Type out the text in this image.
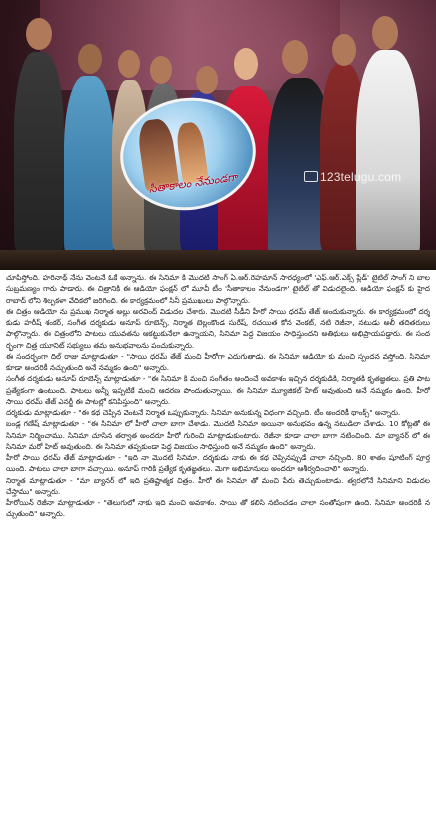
సీతాకాలం నేనుండగా	123telugu.com

చూపిస్తోంది. హరినాథ్ నేను వెంటనే ఓకే అన్నాను. ఈ సినిమా కి మొదటి సాంగ్ ఏ.ఆర్.రెహమాన్ సారధ్యంలో 'ఎఫ్.ఆర్.ఎక్స్ ప్లేడ్' టైటిల్ సాంగ్ ని బాలసుబ్రమణ్యం గారు పాడారు. ఈ చిత్రానికి ఈ ఆడియో ఫంక్షన్ లో మూవీ టీం 'సీతాకాలం నేనుండగా' టైటిల్ తో విడుదలైంది. ఆడియో ఫంక్షన్ కు హైదరాబాద్ లోని శిల్పకళా వేదికలో జరిగింది. ఈ కార్యక్రమంలో సినీ ప్రముఖులు పాల్గొన్నారు.

ఈ చిత్రం ఆడియో ను ప్రముఖ నిర్మాత అల్లు అరవింద్ విడుదల చేశారు. మొదటి సీడీని హీరో సాయి ధరమ్ తేజ్ అందుకున్నారు. ఈ కార్యక్రమంలో దర్శకుడు హరీష్ శంకర్, సంగీత దర్శకుడు అనూప్ రూబెన్స్, నిర్మాత బెల్లంకొండ సురేష్, రచయిత కోన వెంకట్, నటి రెజీనా, నటుడు అలీ తదితరులు పాల్గొన్నారు. ఈ చిత్రంలోని పాటలు యువతను ఆకట్టుకునేలా ఉన్నాయని, సినిమా పెద్ద విజయం సాధిస్తుందని అతిథులు అభిప్రాయపడ్డారు. ఈ సందర్భంగా చిత్ర యూనిట్ సభ్యులు తమ అనుభవాలను పంచుకున్నారు.

ఈ సందర్భంగా దిల్ రాజు మాట్లాడుతూ - "సాయి ధరమ్ తేజ్ మంచి హీరోగా ఎదుగుతాడు. ఈ సినిమా ఆడియో కు మంచి స్పందన వస్తోంది. సినిమా కూడా అందరికీ నచ్చుతుంది అనే నమ్మకం ఉంది" అన్నారు.

సంగీత దర్శకుడు అనూప్ రూబెన్స్ మాట్లాడుతూ - "ఈ సినిమా కి మంచి సంగీతం అందించే అవకాశం ఇచ్చిన దర్శకుడికి, నిర్మాతకి కృతజ్ఞతలు. ప్రతి పాట ప్రత్యేకంగా ఉంటుంది. పాటలు అన్నీ ఇప్పటికే మంచి ఆదరణ పొందుతున్నాయి. ఈ సినిమా మ్యూజికల్ హిట్ అవుతుంది అనే నమ్మకం ఉంది. హీరో సాయి ధరమ్ తేజ్ ఎనర్జీ ఈ పాటల్లో కనిపిస్తుంది" అన్నారు.

దర్శకుడు మాట్లాడుతూ - "ఈ కథ చెప్పిన వెంటనే నిర్మాత ఒప్పుకున్నారు. సినిమా అనుకున్న విధంగా వచ్చింది. టీం అందరికీ థాంక్స్" అన్నారు.

బండ్ల గణేష్ మాట్లాడుతూ - "ఈ సినిమా లో హీరో చాలా బాగా చేశాడు. మొదటి సినిమా అయినా అనుభవం ఉన్న నటుడిలా చేశాడు. 10 కోట్లతో ఈ సినిమా నిర్మించాము. సినిమా చూసిన తర్వాత అందరూ హీరో గురించి మాట్లాడుకుంటారు. రెజీనా కూడా చాలా బాగా నటించింది. మా బ్యానర్ లో ఈ సినిమా మరో హిట్ అవుతుంది. ఈ సినిమా తప్పకుండా పెద్ద విజయం సాధిస్తుంది అనే నమ్మకం ఉంది" అన్నారు.

హీరో సాయి ధరమ్ తేజ్ మాట్లాడుతూ - "ఇది నా మొదటి సినిమా. దర్శకుడు నాకు ఈ కథ చెప్పినప్పుడే చాలా నచ్చింది. 80 శాతం షూటింగ్ పూర్తయింది. పాటలు చాలా బాగా వచ్చాయి. అనూప్ గారికి ప్రత్యేక కృతజ్ఞతలు. మెగా అభిమానులు అందరూ ఆశీర్వదించాలి" అన్నారు.

నిర్మాత మాట్లాడుతూ - "మా బ్యానర్ లో ఇది ప్రతిష్టాత్మక చిత్రం. హీరో ఈ సినిమా తో మంచి పేరు తెచ్చుకుంటాడు. త్వరలోనే సినిమాని విడుదల చేస్తాము" అన్నారు.

హీరోయిన్ రెజీనా మాట్లాడుతూ - "తెలుగులో నాకు ఇది మంచి అవకాశం. సాయి తో కలిసి నటించడం చాలా సంతోషంగా ఉంది. సినిమా అందరికీ నచ్చుతుంది" అన్నారు.
